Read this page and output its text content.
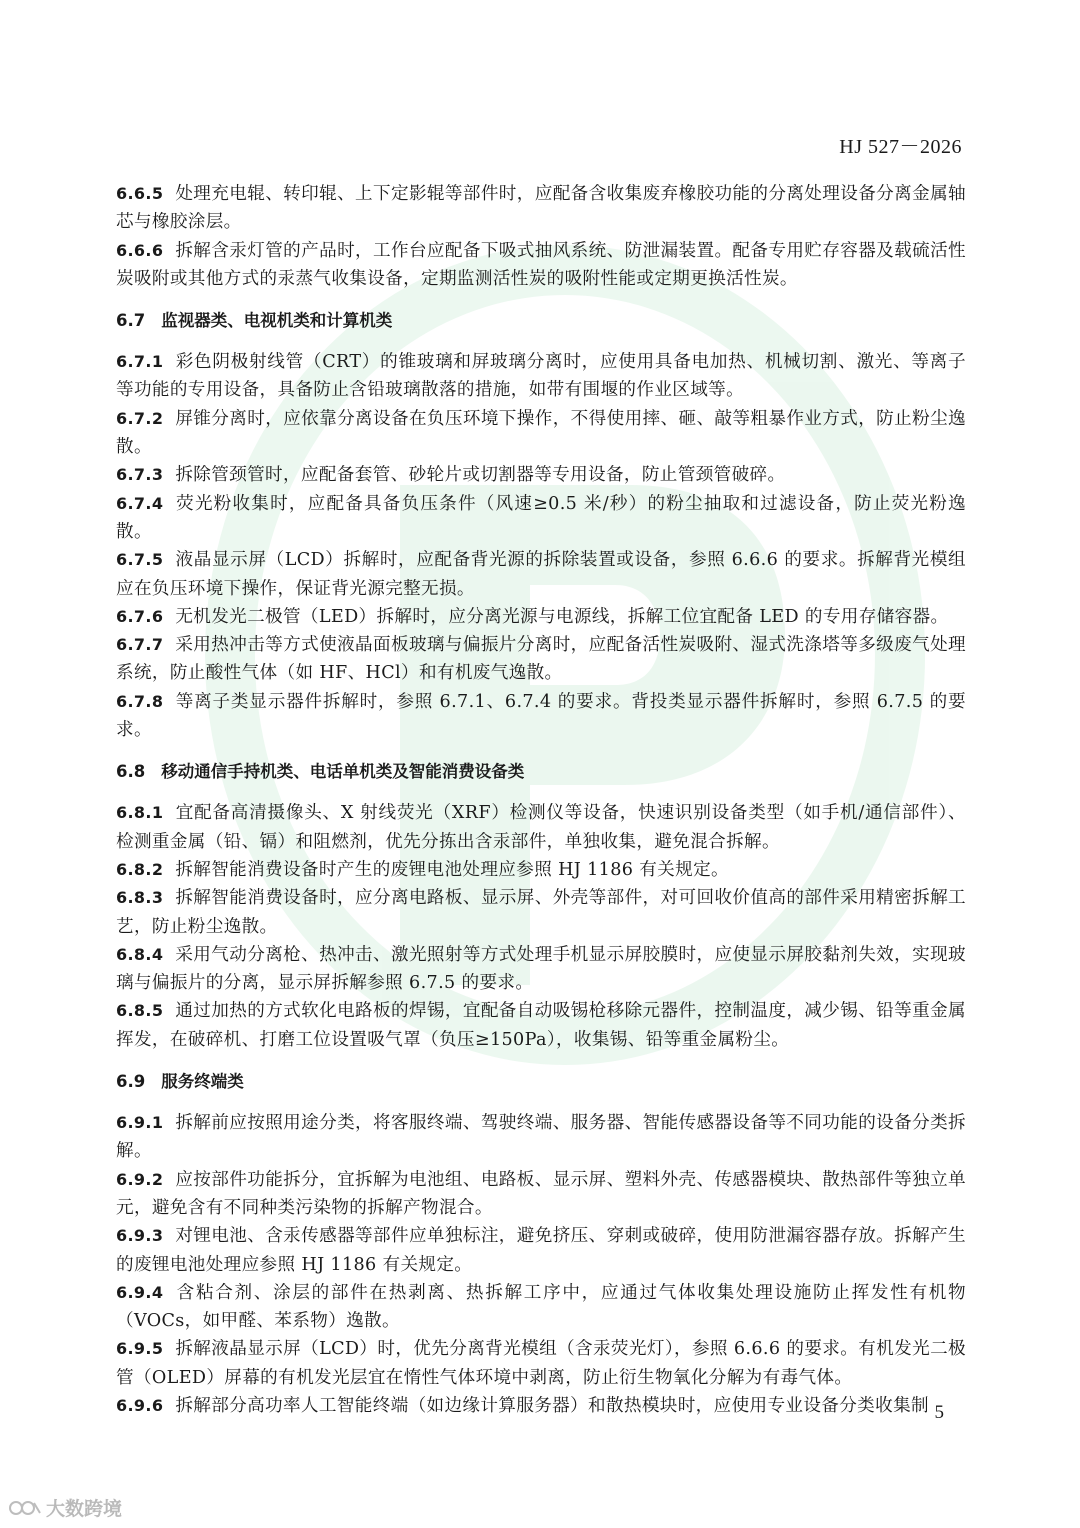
HJ 527－2026
6.6.5 处理充电辊、转印辊、上下定影辊等部件时，应配备含收集废弃橡胶功能的分离处理设备分离金属轴芯与橡胶涂层。
6.6.6 拆解含汞灯管的产品时，工作台应配备下吸式抽风系统、防泄漏装置。配备专用贮存容器及载硫活性炭吸附或其他方式的汞蒸气收集设备，定期监测活性炭的吸附性能或定期更换活性炭。
6.7 监视器类、电视机类和计算机类
6.7.1 彩色阴极射线管（CRT）的锥玻璃和屏玻璃分离时，应使用具备电加热、机械切割、激光、等离子等功能的专用设备，具备防止含铅玻璃散落的措施，如带有围堰的作业区域等。
6.7.2 屏锥分离时，应依靠分离设备在负压环境下操作，不得使用摔、砸、敲等粗暴作业方式，防止粉尘逸散。
6.7.3 拆除管颈管时，应配备套管、砂轮片或切割器等专用设备，防止管颈管破碎。
6.7.4 荧光粉收集时，应配备具备负压条件（风速≥0.5 米/秒）的粉尘抽取和过滤设备，防止荧光粉逸散。
6.7.5 液晶显示屏（LCD）拆解时，应配备背光源的拆除装置或设备，参照 6.6.6 的要求。拆解背光模组应在负压环境下操作，保证背光源完整无损。
6.7.6 无机发光二极管（LED）拆解时，应分离光源与电源线，拆解工位宜配备 LED 的专用存储容器。
6.7.7 采用热冲击等方式使液晶面板玻璃与偏振片分离时，应配备活性炭吸附、湿式洗涤塔等多级废气处理系统，防止酸性气体（如 HF、HCl）和有机废气逸散。
6.7.8 等离子类显示器件拆解时，参照 6.7.1、6.7.4 的要求。背投类显示器件拆解时，参照 6.7.5 的要求。
6.8 移动通信手持机类、电话单机类及智能消费设备类
6.8.1 宜配备高清摄像头、X 射线荧光（XRF）检测仪等设备，快速识别设备类型（如手机/通信部件）、检测重金属（铅、镉）和阻燃剂，优先分拣出含汞部件，单独收集，避免混合拆解。
6.8.2 拆解智能消费设备时产生的废锂电池处理应参照 HJ 1186 有关规定。
6.8.3 拆解智能消费设备时，应分离电路板、显示屏、外壳等部件，对可回收价值高的部件采用精密拆解工艺，防止粉尘逸散。
6.8.4 采用气动分离枪、热冲击、激光照射等方式处理手机显示屏胶膜时，应使显示屏胶黏剂失效，实现玻璃与偏振片的分离，显示屏拆解参照 6.7.5 的要求。
6.8.5 通过加热的方式软化电路板的焊锡，宜配备自动吸锡枪移除元器件，控制温度，减少锡、铅等重金属挥发，在破碎机、打磨工位设置吸气罩（负压≥150Pa），收集锡、铅等重金属粉尘。
6.9 服务终端类
6.9.1 拆解前应按照用途分类，将客服终端、驾驶终端、服务器、智能传感器设备等不同功能的设备分类拆解。
6.9.2 应按部件功能拆分，宜拆解为电池组、电路板、显示屏、塑料外壳、传感器模块、散热部件等独立单元，避免含有不同种类污染物的拆解产物混合。
6.9.3 对锂电池、含汞传感器等部件应单独标注，避免挤压、穿刺或破碎，使用防泄漏容器存放。拆解产生的废锂电池处理应参照 HJ 1186 有关规定。
6.9.4 含粘合剂、涂层的部件在热剥离、热拆解工序中，应通过气体收集处理设施防止挥发性有机物（VOCs，如甲醛、苯系物）逸散。
6.9.5 拆解液晶显示屏（LCD）时，优先分离背光模组（含汞荧光灯），参照 6.6.6 的要求。有机发光二极管（OLED）屏幕的有机发光层宜在惰性气体环境中剥离，防止衍生物氧化分解为有毒气体。
6.9.6 拆解部分高功率人工智能终端（如边缘计算服务器）和散热模块时，应使用专业设备分类收集制 5
大数跨境
